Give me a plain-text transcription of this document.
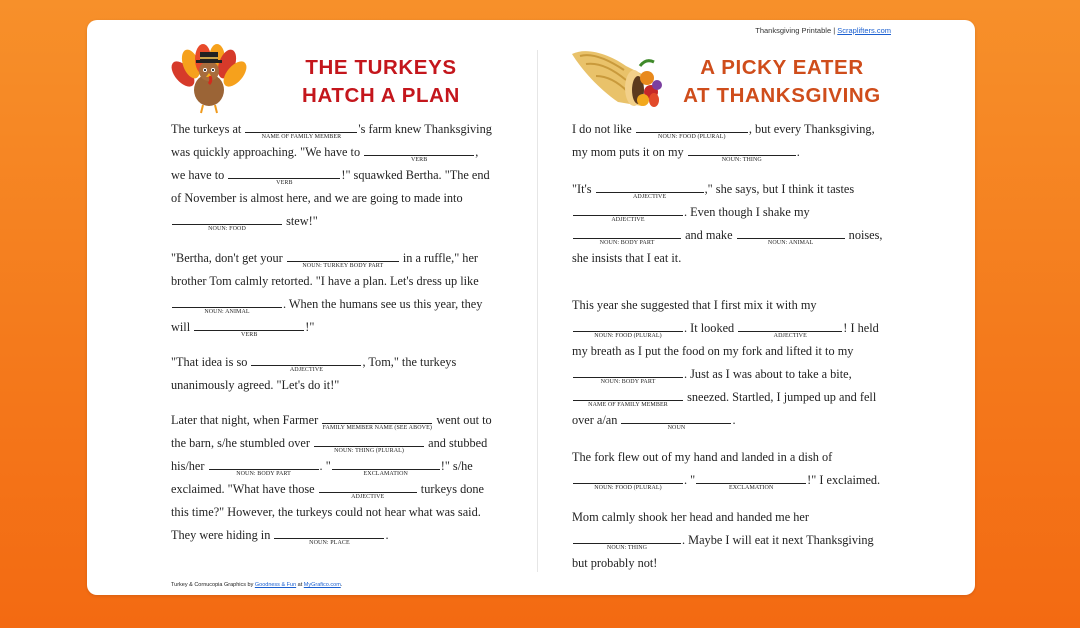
Thanksgiving Printable | Scraplifters.com
THE TURKEYS
HATCH A PLAN

The turkeys at
NAME OF FAMILY MEMBER
's farm knew Thanksgiving was quickly approaching. "We have to
VERB
, we have to
VERB
!" squawked Bertha. "The end of November is almost here, and we are going to made into
NOUN: FOOD
stew!"

"Bertha, don't get your
NOUN: TURKEY BODY PART
in a ruffle," her brother Tom calmly retorted. "I have a plan. Let's dress up like
NOUN: ANIMAL
. When the humans see us this year, they will
VERB
!"

"That idea is so
ADJECTIVE
, Tom," the turkeys unanimously agreed. "Let's do it!"

Later that night, when Farmer
FAMILY MEMBER NAME (SEE ABOVE)
went out to the barn, s/he stumbled over
NOUN: THING (PLURAL)
and stubbed his/her
NOUN: BODY PART
. "
EXCLAMATION
!" s/he exclaimed. "What have those
ADJECTIVE
turkeys done this time?" However, the turkeys could not hear what was said. They were hiding in
NOUN: PLACE
.

A PICKY EATER
AT THANKSGIVING

I do not like
NOUN: FOOD (PLURAL)
, but every Thanksgiving, my mom puts it on my
NOUN: THING
.

"It's
ADJECTIVE
," she says, but I think it tastes
ADJECTIVE
. Even though I shake my
NOUN: BODY PART
and make
NOUN: ANIMAL
noises, she insists that I eat it.

This year she suggested that I first mix it with my
NOUN: FOOD (PLURAL)
. It looked
ADJECTIVE
! I held my breath as I put the food on my fork and lifted it to my
NOUN: BODY PART
. Just as I was about to take a bite,
NAME OF FAMILY MEMBER
sneezed. Startled, I jumped up and fell over a/an
NOUN
.

The fork flew out of my hand and landed in a dish of
NOUN: FOOD (PLURAL)
. "
EXCLAMATION
!" I exclaimed.

Mom calmly shook her head and handed me her
NOUN: THING
. Maybe I will eat it next Thanksgiving but probably not!

Turkey & Cornucopia Graphics by Goodness & Fun at MyGrafico.com.
